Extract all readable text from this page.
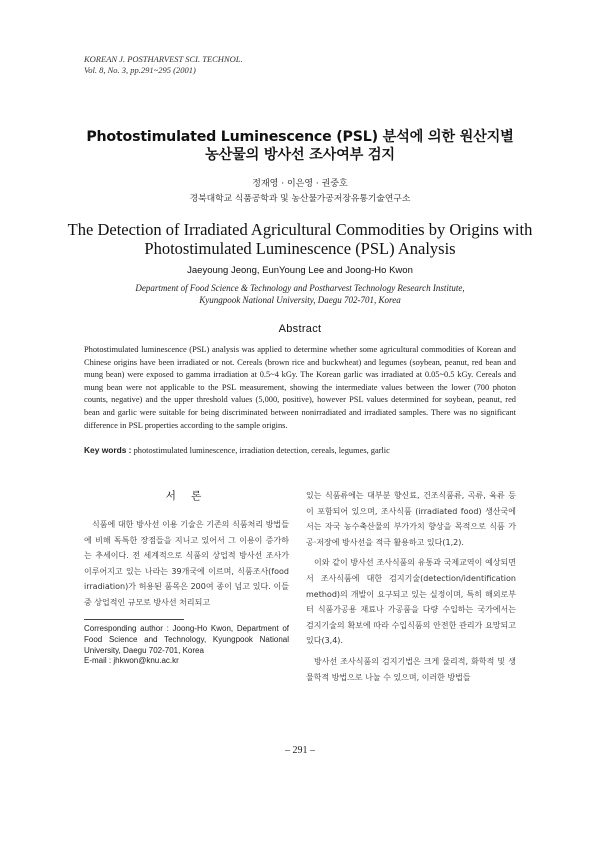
KOREAN J. POSTHARVEST SCI. TECHNOL.
Vol. 8, No. 3, pp.291~295 (2001)
Photostimulated Luminescence (PSL) 분석에 의한 원산지별
농산물의 방사선 조사여부 검지
정재영 · 이은영 · 권중호
경북대학교 식품공학과 및 농산물가공저장유통기술연구소
The Detection of Irradiated Agricultural Commodities by Origins with
Photostimulated Luminescence (PSL) Analysis
Jaeyoung Jeong, EunYoung Lee and Joong-Ho Kwon
Department of Food Science & Technology and Postharvest Technology Research Institute,
Kyungpook National University, Daegu 702-701, Korea
Abstract
Photostimulated luminescence (PSL) analysis was applied to determine whether some agricultural commodities of Korean and Chinese origins have been irradiated or not. Cereals (brown rice and buckwheat) and legumes (soybean, peanut, red bean and mung bean) were exposed to gamma irradiation at 0.5~4 kGy. The Korean garlic was irradiated at 0.05~0.5 kGy. Cereals and mung bean were not applicable to the PSL measurement, showing the intermediate values between the lower (700 photon counts, negative) and the upper threshold values (5,000, positive), however PSL values determined for soybean, peanut, red bean and garlic were suitable for being discriminated between nonirradiated and irradiated samples. There was no significant difference in PSL properties according to the sample origins.
Key words : photostimulated luminescence, irradiation detection, cereals, legumes, garlic
서 론

식품에 대한 방사선 이용 기술은 기존의 식품처리 방법들에 비해 독특한 장점들을 지니고 있어서 그 이용이 증가하는 추세이다. 전 세계적으로 식품의 상업적 방사선 조사가 이루어지고 있는 나라는 39개국에 이르며, 식품조사(food irradiation)가 허용된 품목은 200여 종이 넘고 있다. 이들 중 상업적인 규모로 방사선 처리되고

있는 식품류에는 대부분 향신료, 건조식품류, 곡류, 육류 등이 포함되어 있으며, 조사식품 (irradiated food) 생산국에서는 자국 농수축산물의 부가가치 향상을 목적으로 식품 가공·저장에 방사선을 적극 활용하고 있다(1,2).

이와 같이 방사선 조사식품의 유통과 국제교역이 예상되면서 조사식품에 대한 검지기술(detection/identification method)의 개발이 요구되고 있는 실정이며, 특히 해외로부터 식품가공용 재료나 가공품을 다량 수입하는 국가에서는 검지기술의 확보에 따라 수입식품의 안전한 관리가 요망되고 있다(3,4).

방사선 조사식품의 검지기법은 크게 물리적, 화학적 및 생물학적 방법으로 나눌 수 있으며, 이러한 방법들

Corresponding author : Joong-Ho Kwon, Department of Food Science and Technology, Kyungpook National University, Daegu 702-701, Korea
E-mail : jhkwon@knu.ac.kr
– 291 –
